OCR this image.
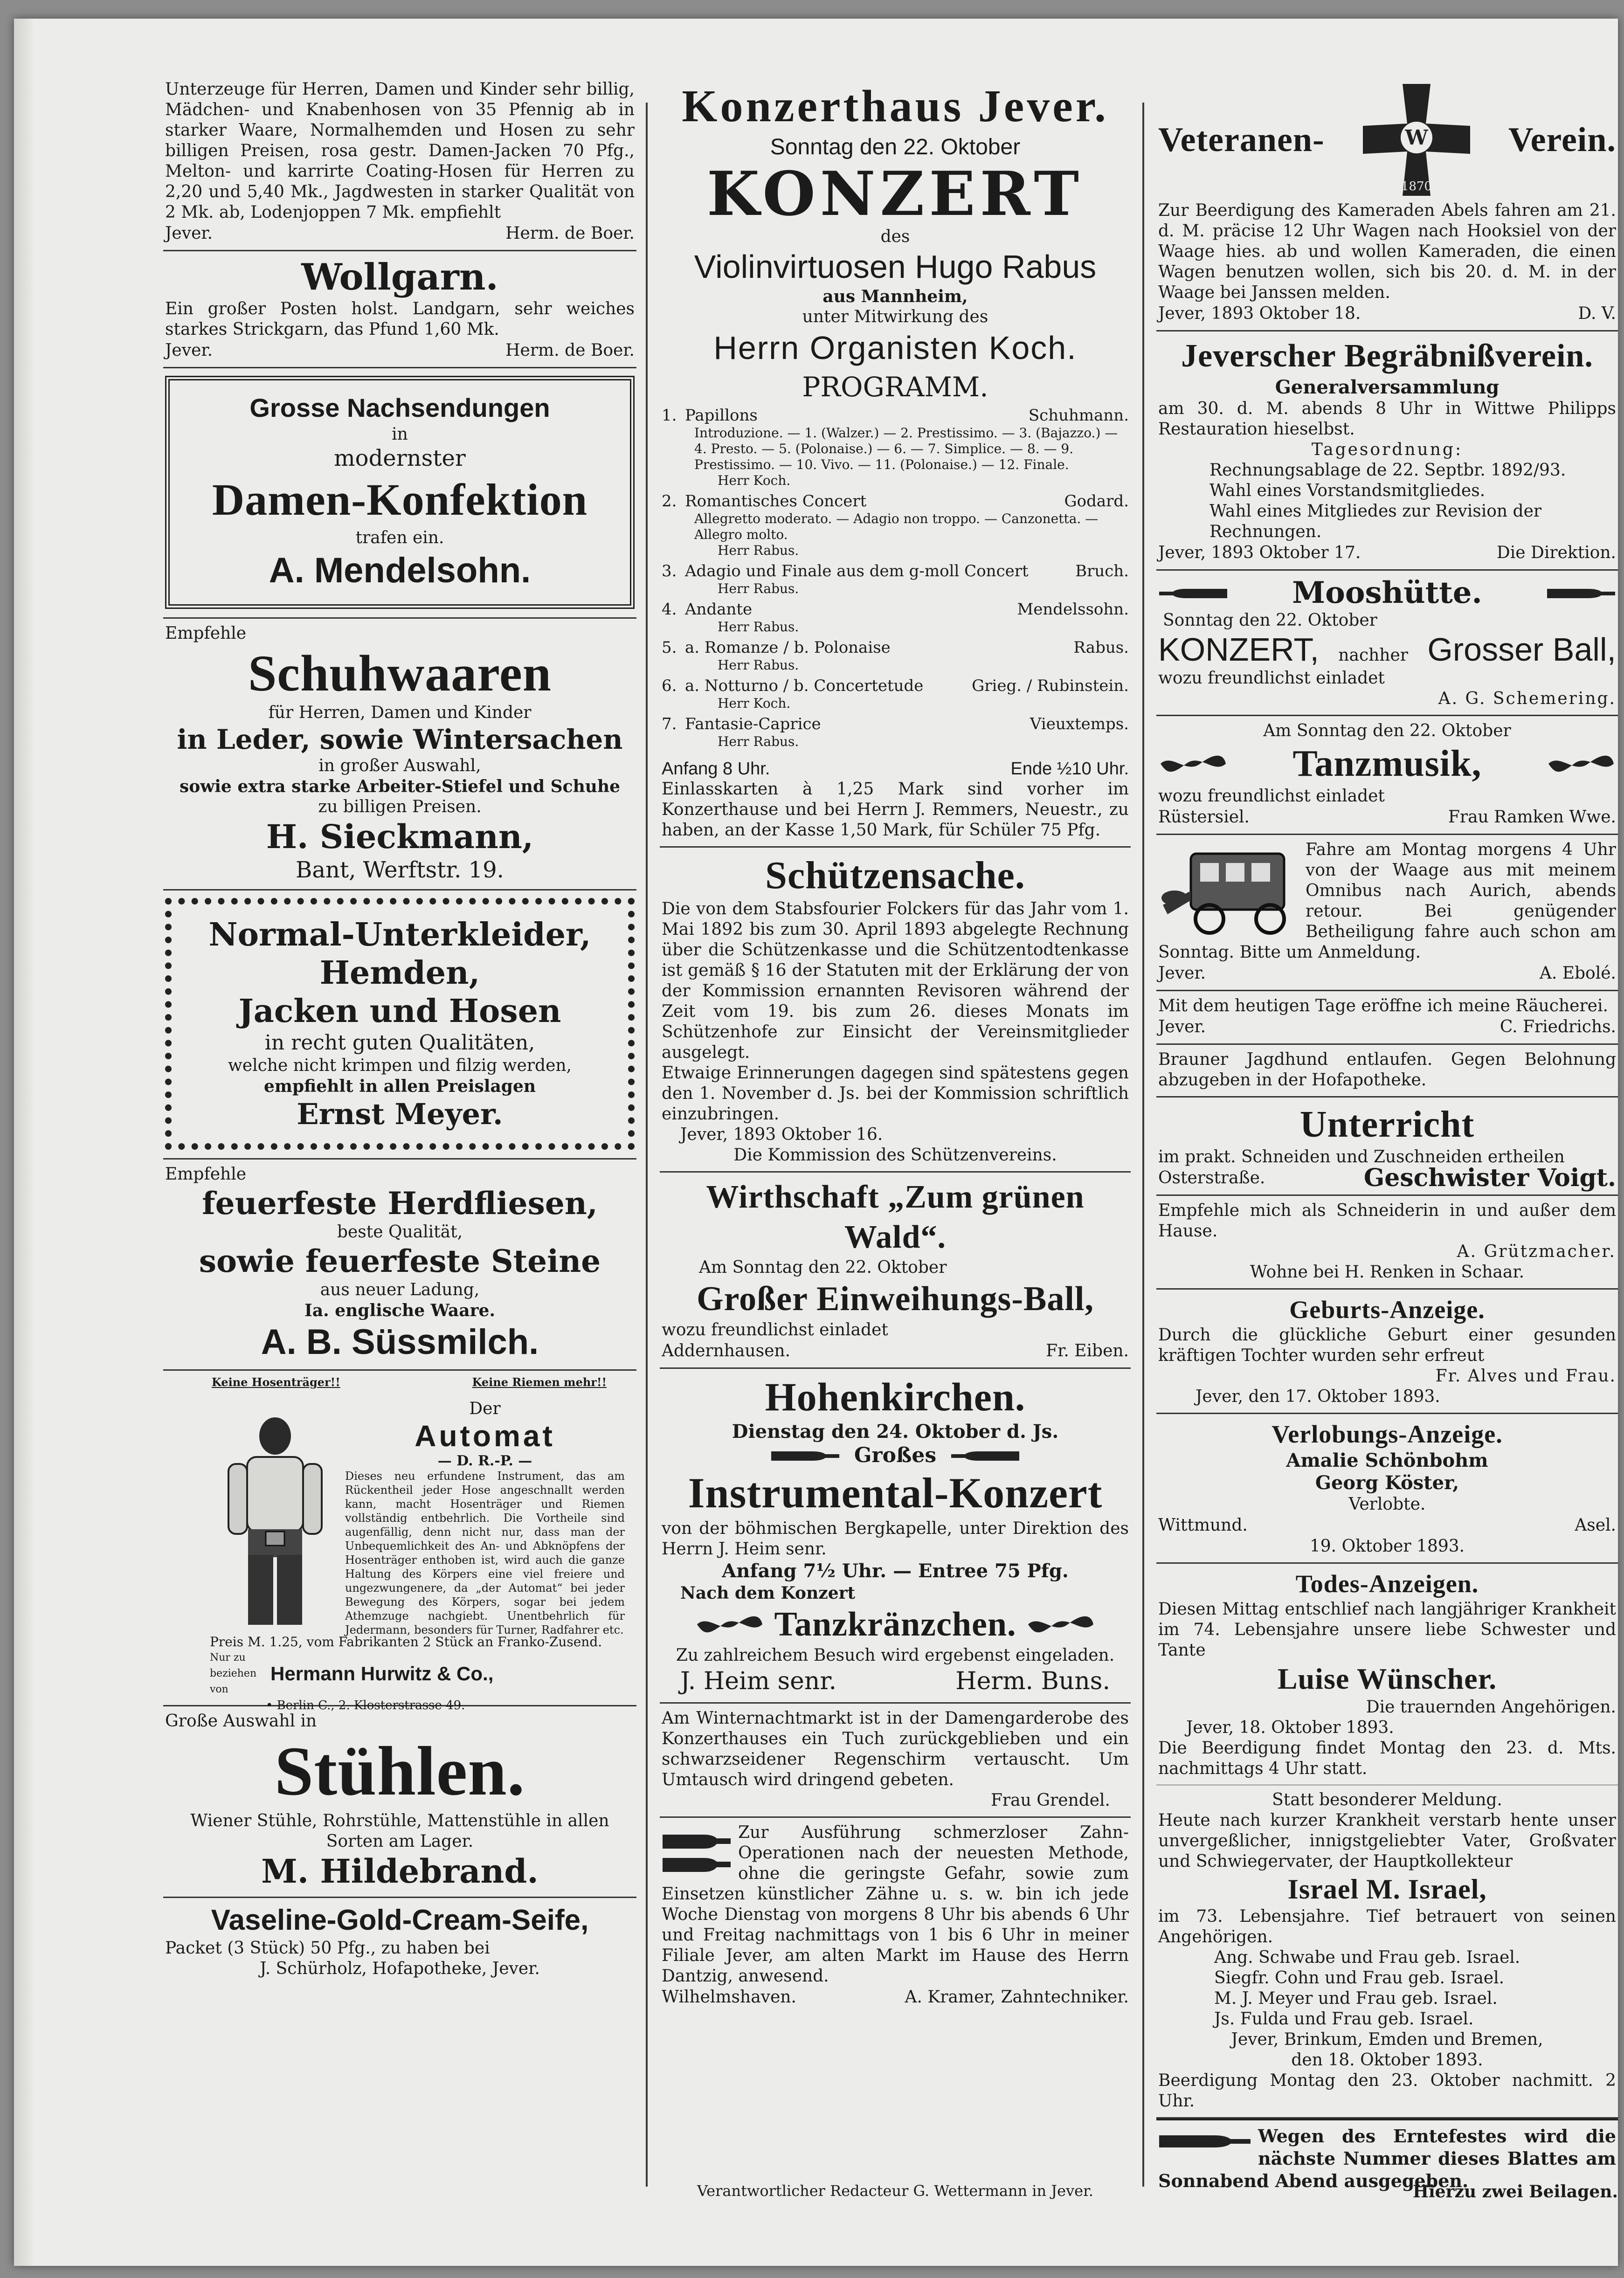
Unterzeuge für Herren, Damen und Kinder sehr billig, Mädchen- und Knabenhosen von 35 Pfennig ab in starker Waare, Normalhemden und Hosen zu sehr billigen Preisen, rosa gestr. Damen-Jacken 70 Pfg., Melton- und karrirte Coating-Hosen für Herren zu 2,20 und 5,40 Mk., Jagdwesten in starker Qualität von 2 Mk. ab, Lodenjoppen 7 Mk. empfiehlt

Jever.	Herm. de Boer.

Wollgarn.

Ein großer Posten holst. Landgarn, sehr weiches starkes Strickgarn, das Pfund 1,60 Mk.

Jever.	Herm. de Boer.

Grosse Nachsendungen

in

modernster

Damen-Konfektion

trafen ein.

A. Mendelsohn.

Empfehle

Schuhwaaren

für Herren, Damen und Kinder

in Leder, sowie Wintersachen

in großer Auswahl,

sowie extra starke Arbeiter-Stiefel und Schuhe

zu billigen Preisen.

H. Sieckmann,

Bant, Werftstr. 19.

Normal-Unterkleider,

Hemden,

Jacken und Hosen

in recht guten Qualitäten,

welche nicht krimpen und filzig werden,

empfiehlt in allen Preislagen

Ernst Meyer.

Empfehle

feuerfeste Herdfliesen,

beste Qualität,

sowie feuerfeste Steine

aus neuer Ladung,

Ia. englische Waare.

A. B. Süssmilch.

Keine Hosenträger!!	Keine Riemen mehr!!

Der

Automat

— D. R.-P. —

Dieses neu erfundene Instrument, das am Rückentheil jeder Hose angeschnallt werden kann, macht Hosenträger und Riemen vollständig entbehrlich. Die Vortheile sind augenfällig, denn nicht nur, dass man der Unbequemlichkeit des An- und Abknöpfens der Hosenträger enthoben ist, wird auch die ganze Haltung des Körpers eine viel freiere und ungezwungenere, da „der Automat“ bei jeder Bewegung des Körpers, sogar bei jedem Athemzuge nachgiebt. Unentbehrlich für Jedermann, besonders für Turner, Radfahrer etc.

Preis M. 1.25, vom Fabrikanten 2 Stück an Franko-Zusend.

Nur zu beziehen von
Hermann Hurwitz & Co.,

• Berlin C., 2. Klosterstrasse 49.

Große Auswahl in

Stühlen.

Wiener Stühle, Rohrstühle, Mattenstühle in allen Sorten am Lager.

M. Hildebrand.

Vaseline-Gold-Cream-Seife,

Packet (3 Stück) 50 Pfg., zu haben bei

J. Schürholz, Hofapotheke, Jever.

Konzerthaus Jever.

Sonntag den 22. Oktober

KONZERT

des

Violinvirtuosen Hugo Rabus

aus Mannheim,

unter Mitwirkung des

Herrn Organisten Koch.

PROGRAMM.

1. Papillons	Schuhmann.
Introduzione. — 1. (Walzer.) — 2. Prestissimo. — 3. (Bajazzo.) — 4. Presto. — 5. (Polonaise.) — 6. — 7. Simplice. — 8. — 9. Prestissimo. — 10. Vivo. — 11. (Polonaise.) — 12. Finale.
Herr Koch.
2. Romantisches Concert	Godard.
Allegretto moderato. — Adagio non troppo. — Canzonetta. — Allegro molto.
Herr Rabus.
3. Adagio und Finale aus dem g-moll Concert	Bruch.
Herr Rabus.
4. Andante	Mendelssohn.
Herr Rabus.
5. a. Romanze / b. Polonaise	Rabus.
Herr Rabus.
6. a. Notturno / b. Concertetude	Grieg. / Rubinstein.
Herr Koch.
7. Fantasie-Caprice	Vieuxtemps.
Herr Rabus.
Anfang 8 Uhr.	Ende ½10 Uhr.

Einlasskarten à 1,25 Mark sind vorher im Konzerthause und bei Herrn J. Remmers, Neuestr., zu haben, an der Kasse 1,50 Mark, für Schüler 75 Pfg.

Schützensache.

Die von dem Stabsfourier Folckers für das Jahr vom 1. Mai 1892 bis zum 30. April 1893 abgelegte Rechnung über die Schützenkasse und die Schützentodtenkasse ist gemäß § 16 der Statuten mit der Erklärung der von der Kommission ernannten Revisoren während der Zeit vom 19. bis zum 26. dieses Monats im Schützenhofe zur Einsicht der Vereinsmitglieder ausgelegt.

Etwaige Erinnerungen dagegen sind spätestens gegen den 1. November d. Js. bei der Kommission schriftlich einzubringen.

Jever, 1893 Oktober 16.

Die Kommission des Schützenvereins.

Wirthschaft „Zum grünen Wald“.

Am Sonntag den 22. Oktober

Großer Einweihungs-Ball,

wozu freundlichst einladet

Addernhausen.	Fr. Eiben.

Hohenkirchen.

Dienstag den 24. Oktober d. Js.

Großes

Instrumental-Konzert

von der böhmischen Bergkapelle, unter Direktion des Herrn J. Heim senr.

Anfang 7½ Uhr. — Entree 75 Pfg.

Nach dem Konzert

Tanzkränzchen.

Zu zahlreichem Besuch wird ergebenst eingeladen.

J. Heim senr.	Herm. Buns.

Am Winternachtmarkt ist in der Damengarderobe des Konzerthauses ein Tuch zurückgeblieben und ein schwarzseidener Regenschirm vertauscht. Um Umtausch wird dringend gebeten.

Frau Grendel.

Zur Ausführung schmerzloser Zahn-Operationen nach der neuesten Methode, ohne die geringste Gefahr, sowie zum Einsetzen künstlicher Zähne u. s. w. bin ich jede Woche Dienstag von morgens 8 Uhr bis abends 6 Uhr und Freitag nachmittags von 1 bis 6 Uhr in meiner Filiale Jever, am alten Markt im Hause des Herrn Dantzig, anwesend.

Wilhelmshaven.	A. Kramer, Zahntechniker.
Verantwortlicher Redacteur G. Wettermann in Jever.
Veteranen-	W
1870
Verein.

Zur Beerdigung des Kameraden Abels fahren am 21. d. M. präcise 12 Uhr Wagen nach Hooksiel von der Waage hies. ab und wollen Kameraden, die einen Wagen benutzen wollen, sich bis 20. d. M. in der Waage bei Janssen melden.

Jever, 1893 Oktober 18.	D. V.

Jeverscher Begräbnißverein.

Generalversammlung

am 30. d. M. abends 8 Uhr in Wittwe Philipps Restauration hieselbst.

Tagesordnung:

Rechnungsablage de 22. Septbr. 1892/93.

Wahl eines Vorstandsmitgliedes.

Wahl eines Mitgliedes zur Revision der Rechnungen.

Jever, 1893 Oktober 17.	Die Direktion.
Mooshütte.

Sonntag den 22. Oktober

KONZERT, nachher Grosser Ball,

wozu freundlichst einladet

A. G. Schemering.

Am Sonntag den 22. Oktober

Tanzmusik,

wozu freundlichst einladet

Rüstersiel.	Frau Ramken Wwe.

Fahre am Montag morgens 4 Uhr von der Waage aus mit meinem Omnibus nach Aurich, abends retour. Bei genügender Betheiligung fahre auch schon am Sonntag. Bitte um Anmeldung.

Jever.	A. Ebolé.

Mit dem heutigen Tage eröffne ich meine Räucherei.

Jever.	C. Friedrichs.

Brauner Jagdhund entlaufen. Gegen Belohnung abzugeben in der Hofapotheke.

Unterricht

im prakt. Schneiden und Zuschneiden ertheilen

Osterstraße.	Geschwister Voigt.

Empfehle mich als Schneiderin in und außer dem Hause.

A. Grützmacher.

Wohne bei H. Renken in Schaar.

Geburts-Anzeige.

Durch die glückliche Geburt einer gesunden kräftigen Tochter wurden sehr erfreut

Fr. Alves und Frau.

Jever, den 17. Oktober 1893.

Verlobungs-Anzeige.

Amalie Schönbohm

Georg Köster,

Verlobte.

Wittmund.	Asel.

19. Oktober 1893.

Todes-Anzeigen.

Diesen Mittag entschlief nach langjähriger Krankheit im 74. Lebensjahre unsere liebe Schwester und Tante

Luise Wünscher.

Die trauernden Angehörigen.

Jever, 18. Oktober 1893.

Die Beerdigung findet Montag den 23. d. Mts. nachmittags 4 Uhr statt.

Statt besonderer Meldung.

Heute nach kurzer Krankheit verstarb hente unser unvergeßlicher, innigstgeliebter Vater, Großvater und Schwiegervater, der Hauptkollekteur

Israel M. Israel,

im 73. Lebensjahre. Tief betrauert von seinen Angehörigen.

Ang. Schwabe und Frau geb. Israel.

Siegfr. Cohn und Frau geb. Israel.

M. J. Meyer und Frau geb. Israel.

Js. Fulda und Frau geb. Israel.

Jever, Brinkum, Emden und Bremen,

den 18. Oktober 1893.

Beerdigung Montag den 23. Oktober nachmitt. 2 Uhr.

Wegen des Erntefestes wird die nächste Nummer dieses Blattes am Sonnabend Abend ausgegeben.

Hierzu zwei Beilagen.
